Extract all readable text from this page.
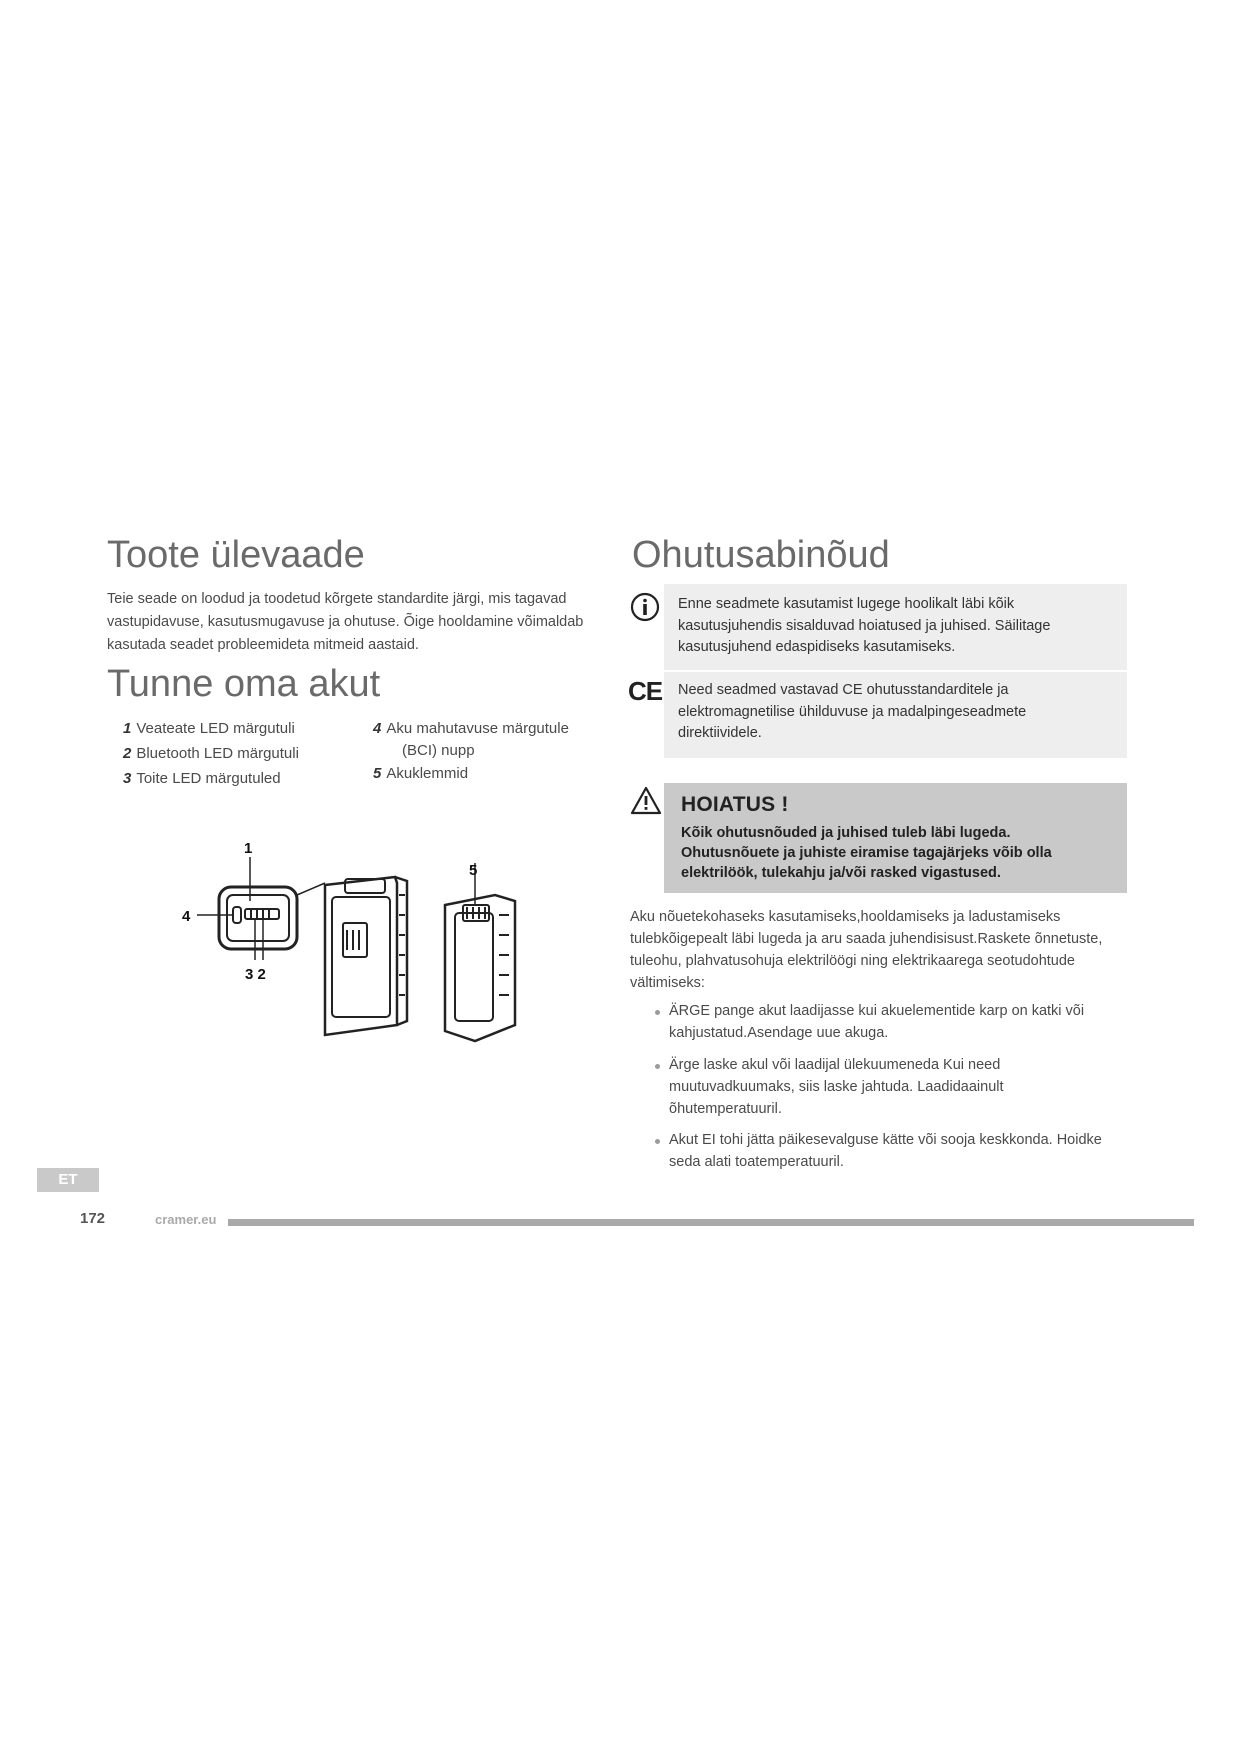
Toote ülevaade
Teie seade on loodud ja toodetud kõrgete standardite järgi, mis tagavad vastupidavuse, kasutusmugavuse ja ohutuse. Õige hooldamine võimaldab kasutada seadet probleemideta mitmeid aastaid.
Tunne oma akut
1 Veateate LED märgutuli
2 Bluetooth LED märgutuli
3 Toite LED märgutuled
4 Aku mahutavuse märgutule
(BCI) nupp
5 Akuklemmid
1
4
3 2
5
Ohutusabinõud
Enne seadmete kasutamist lugege hoolikalt läbi kõik kasutusjuhendis sisalduvad hoiatused ja juhised. Säilitage kasutusjuhend edaspidiseks kasutamiseks.
CE	Need seadmed vastavad CE ohutusstandarditele ja elektromagnetilise ühilduvuse ja madalpingeseadmete direktiividele.
HOIATUS !
Kõik ohutusnõuded ja juhised tuleb läbi lugeda. Ohutusnõuete ja juhiste eiramise tagajärjeks võib olla elektrilöök, tulekahju ja/või rasked vigastused.
Aku nõuetekohaseks kasutamiseks,hooldamiseks ja ladustamiseks tulebkõigepealt läbi lugeda ja aru saada juhendisisust.Raskete õnnetuste, tuleohu, plahvatusohuja elektrilöögi ning elektrikaarega seotudohtude vältimiseks:
ÄRGE pange akut laadijasse kui akuelementide karp on katki või kahjustatud.Asendage uue akuga.
Ärge laske akul või laadijal ülekuumeneda Kui need muutuvadkuumaks, siis laske jahtuda. Laadidaainult õhutemperatuuril.
Akut EI tohi jätta päikesevalguse kätte või sooja keskkonda. Hoidke seda alati toatemperatuuril.
ET
172	cramer.eu
